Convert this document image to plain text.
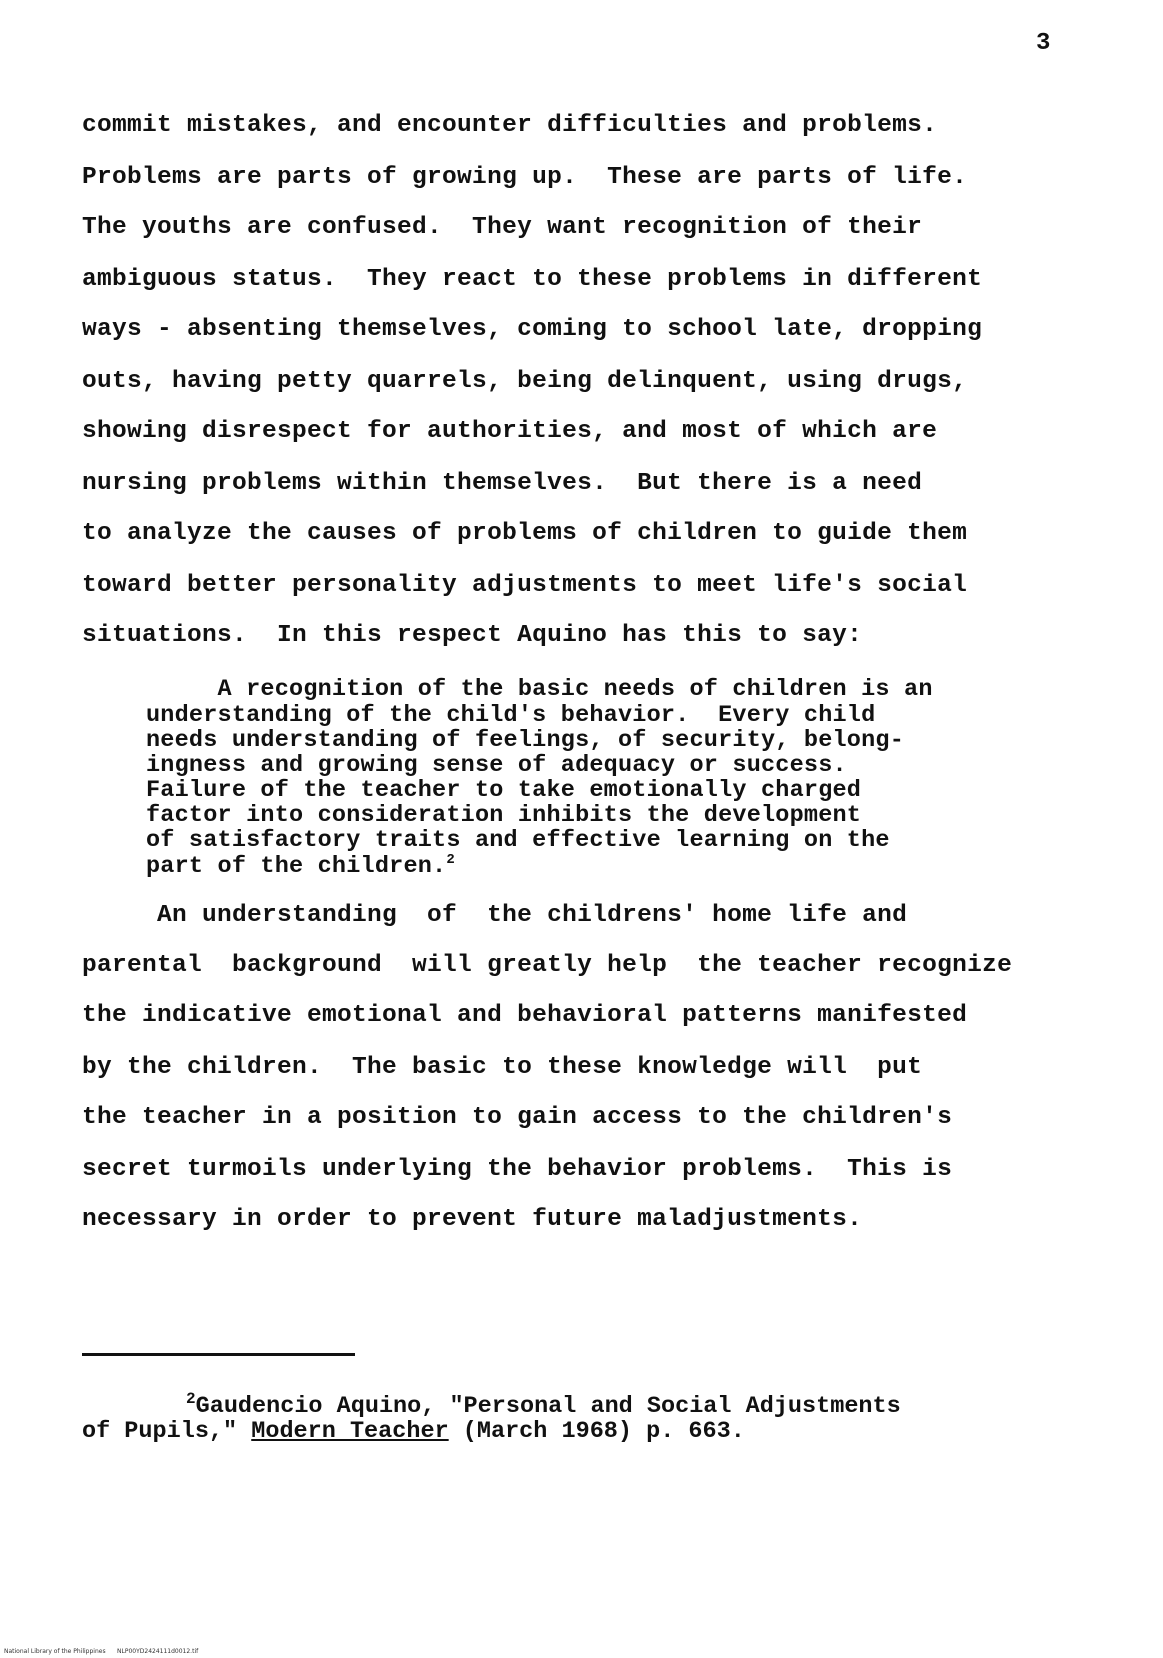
3
commit mistakes, and encounter difficulties and problems.
Problems are parts of growing up.  These are parts of life.
The youths are confused.  They want recognition of their
ambiguous status.  They react to these problems in different
ways - absenting themselves, coming to school late, dropping
outs, having petty quarrels, being delinquent, using drugs,
showing disrespect for authorities, and most of which are
nursing problems within themselves.  But there is a need
to analyze the causes of problems of children to guide them
toward better personality adjustments to meet life's social
situations.  In this respect Aquino has this to say:
A recognition of the basic needs of children is an
understanding of the child's behavior.  Every child
needs understanding of feelings, of security, belong-
ingness and growing sense of adequacy or success.
Failure of the teacher to take emotionally charged
factor into consideration inhibits the development
of satisfactory traits and effective learning on the
part of the children.$^2$
An understanding  of  the childrens' home life and
parental  background  will greatly help  the teacher recognize
the indicative emotional and behavioral patterns manifested
by the children.  The basic to these knowledge will  put
the teacher in a position to gain access to the children's
secret turmoils underlying the behavior problems.  This is
necessary in order to prevent future maladjustments.
$^2$Gaudencio Aquino, "Personal and Social Adjustments
of Pupils," Modern Teacher (March 1968) p. 663.
National Library of the Philippines      NLP00YD2424111d0012.tif
